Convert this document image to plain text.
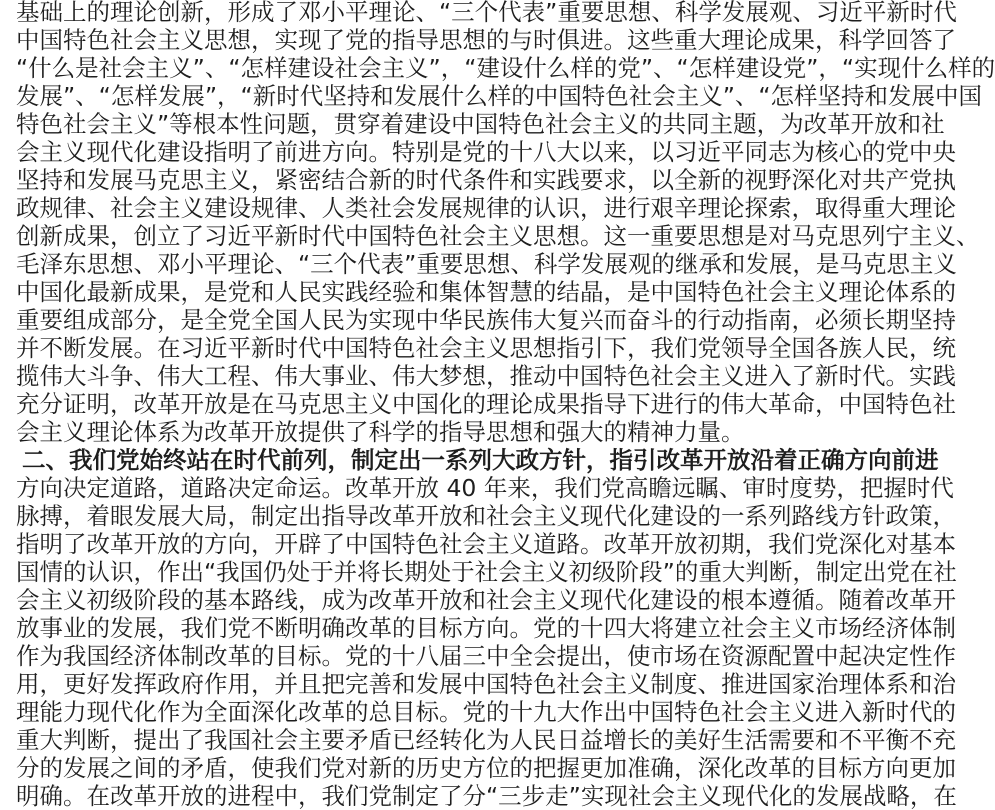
基础上的理论创新，形成了邓小平理论、“三个代表”重要思想、科学发展观、习近平新时代
中国特色社会主义思想，实现了党的指导思想的与时俱进。这些重大理论成果，科学回答了
“什么是社会主义”、“怎样建设社会主义”，“建设什么样的党”、“怎样建设党”，“实现什么样的
发展”、“怎样发展”，“新时代坚持和发展什么样的中国特色社会主义”、“怎样坚持和发展中国
特色社会主义”等根本性问题，贯穿着建设中国特色社会主义的共同主题，为改革开放和社
会主义现代化建设指明了前进方向。特别是党的十八大以来，以习近平同志为核心的党中央
坚持和发展马克思主义，紧密结合新的时代条件和实践要求，以全新的视野深化对共产党执
政规律、社会主义建设规律、人类社会发展规律的认识，进行艰辛理论探索，取得重大理论
创新成果，创立了习近平新时代中国特色社会主义思想。这一重要思想是对马克思列宁主义、
毛泽东思想、邓小平理论、“三个代表”重要思想、科学发展观的继承和发展，是马克思主义
中国化最新成果，是党和人民实践经验和集体智慧的结晶，是中国特色社会主义理论体系的
重要组成部分，是全党全国人民为实现中华民族伟大复兴而奋斗的行动指南，必须长期坚持
并不断发展。在习近平新时代中国特色社会主义思想指引下，我们党领导全国各族人民，统
揽伟大斗争、伟大工程、伟大事业、伟大梦想，推动中国特色社会主义进入了新时代。实践
充分证明，改革开放是在马克思主义中国化的理论成果指导下进行的伟大革命，中国特色社
会主义理论体系为改革开放提供了科学的指导思想和强大的精神力量。
二、我们党始终站在时代前列，制定出一系列大政方针，指引改革开放沿着正确方向前进
方向决定道路，道路决定命运。改革开放 40 年来，我们党高瞻远瞩、审时度势，把握时代
脉搏，着眼发展大局，制定出指导改革开放和社会主义现代化建设的一系列路线方针政策，
指明了改革开放的方向，开辟了中国特色社会主义道路。改革开放初期，我们党深化对基本
国情的认识，作出“我国仍处于并将长期处于社会主义初级阶段”的重大判断，制定出党在社
会主义初级阶段的基本路线，成为改革开放和社会主义现代化建设的根本遵循。随着改革开
放事业的发展，我们党不断明确改革的目标方向。党的十四大将建立社会主义市场经济体制
作为我国经济体制改革的目标。党的十八届三中全会提出，使市场在资源配置中起决定性作
用，更好发挥政府作用，并且把完善和发展中国特色社会主义制度、推进国家治理体系和治
理能力现代化作为全面深化改革的总目标。党的十九大作出中国特色社会主义进入新时代的
重大判断，提出了我国社会主要矛盾已经转化为人民日益增长的美好生活需要和不平衡不充
分的发展之间的矛盾，使我们党对新的历史方位的把握更加准确，深化改革的目标方向更加
明确。在改革开放的进程中，我们党制定了分“三步走”实现社会主义现代化的发展战略，在
